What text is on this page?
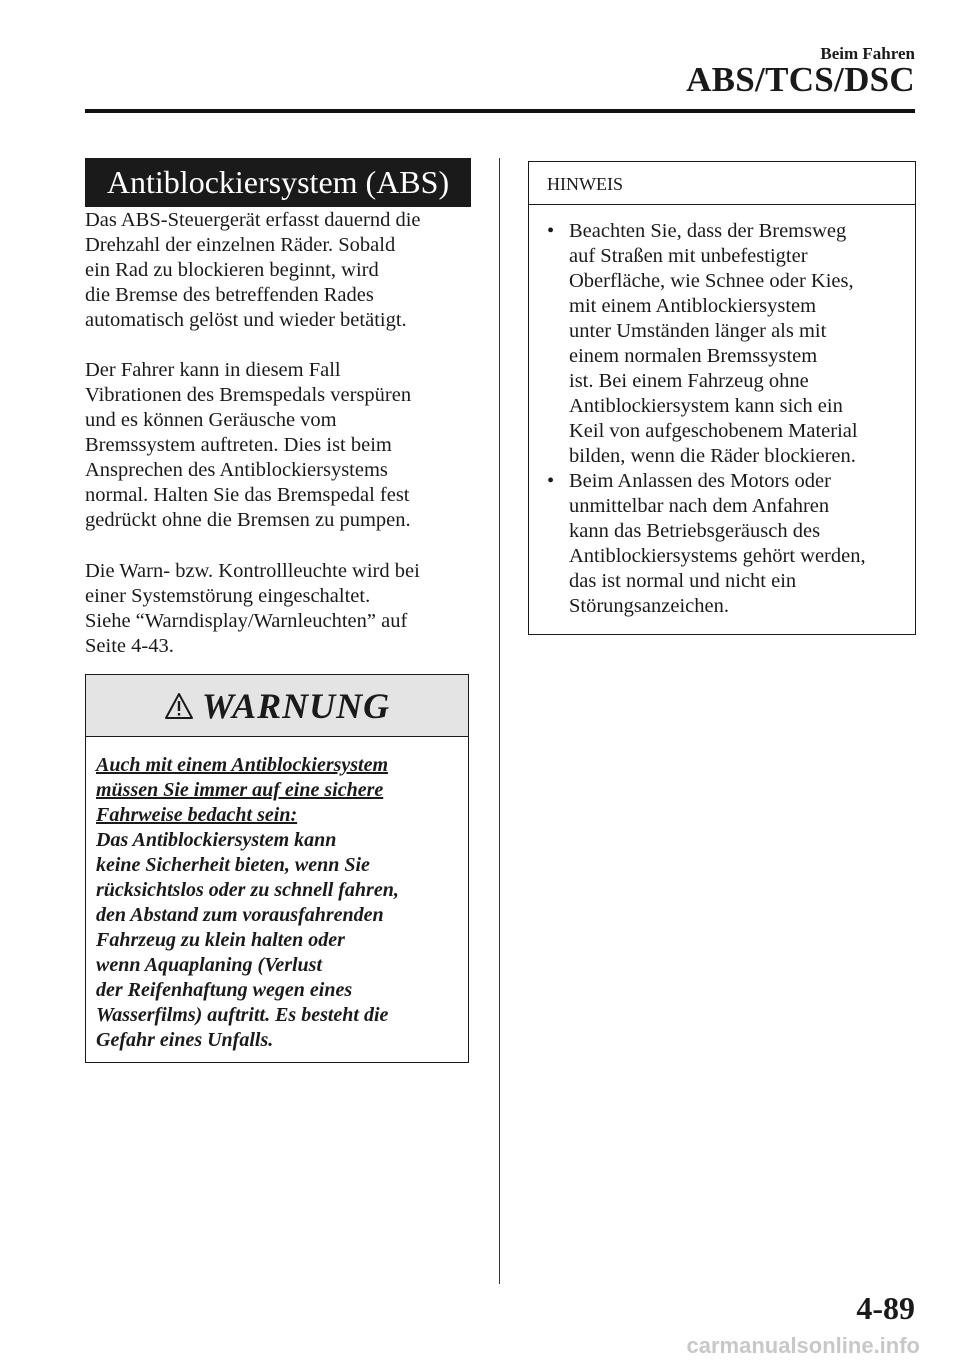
Beim Fahren
ABS/TCS/DSC
Antiblockiersystem (ABS)

Das ABS-Steuergerät erfasst dauernd die
Drehzahl der einzelnen Räder. Sobald
ein Rad zu blockieren beginnt, wird
die Bremse des betreffenden Rades
automatisch gelöst und wieder betätigt.

Der Fahrer kann in diesem Fall
Vibrationen des Bremspedals verspüren
und es können Geräusche vom
Bremssystem auftreten. Dies ist beim
Ansprechen des Antiblockiersystems
normal. Halten Sie das Bremspedal fest
gedrückt ohne die Bremsen zu pumpen.

Die Warn- bzw. Kontrollleuchte wird bei
einer Systemstörung eingeschaltet.
Siehe “Warndisplay/Warnleuchten” auf
Seite 4-43.

WARNUNG

Auch mit einem Antiblockiersystem
müssen Sie immer auf eine sichere
Fahrweise bedacht sein:
Das Antiblockiersystem kann
keine Sicherheit bieten, wenn Sie
rücksichtslos oder zu schnell fahren,
den Abstand zum vorausfahrenden
Fahrzeug zu klein halten oder
wenn Aquaplaning (Verlust
der Reifenhaftung wegen eines
Wasserfilms) auftritt. Es besteht die
Gefahr eines Unfalls.

HINWEIS
• Beachten Sie, dass der Bremsweg
auf Straßen mit unbefestigter
Oberfläche, wie Schnee oder Kies,
mit einem Antiblockiersystem
unter Umständen länger als mit
einem normalen Bremssystem
ist. Bei einem Fahrzeug ohne
Antiblockiersystem kann sich ein
Keil von aufgeschobenem Material
bilden, wenn die Räder blockieren.
• Beim Anlassen des Motors oder
unmittelbar nach dem Anfahren
kann das Betriebsgeräusch des
Antiblockiersystems gehört werden,
das ist normal und nicht ein
Störungsanzeichen.
4-89
carmanualsonline.info
